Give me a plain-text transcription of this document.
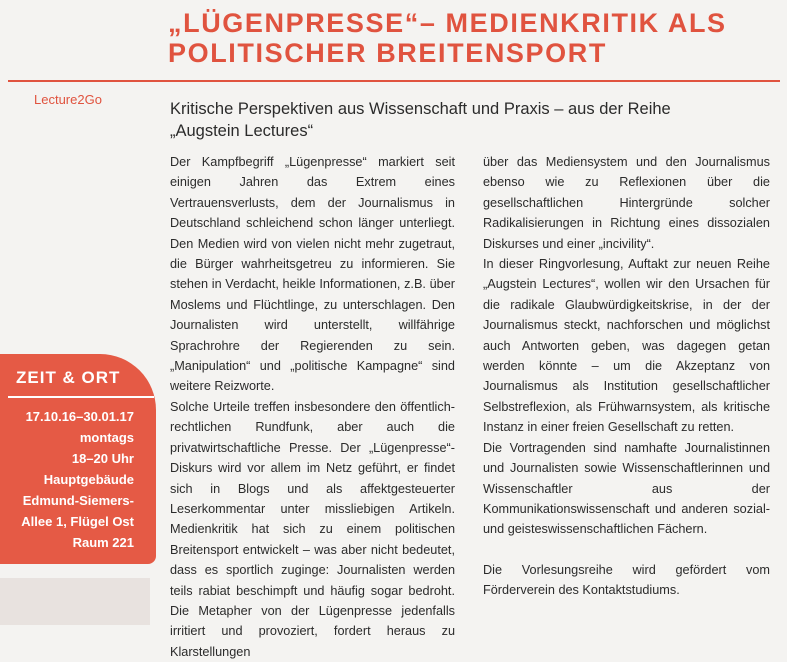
„LÜGENPRESSE“– MEDIENKRITIK ALS
POLITISCHER BREITENSPORT
Lecture2Go
Kritische Perspektiven aus Wissenschaft und Praxis – aus der Reihe
„Augstein Lectures“

Der Kampfbegriff „Lügenpresse“ markiert seit einigen Jahren das Extrem eines Vertrauensverlusts, dem der Journalismus in Deutschland schleichend schon länger unterliegt. Den Medien wird von vielen nicht mehr zugetraut, die Bürger wahrheitsgetreu zu informieren. Sie stehen in Verdacht, heikle Informationen, z.B. über Moslems und Flüchtlinge, zu unterschlagen. Den Journalisten wird unterstellt, willfährige Sprachrohre der Regierenden zu sein. „Manipulation“ und „politische Kampagne“ sind weitere Reizworte.

Solche Urteile treffen insbesondere den öffentlich-rechtlichen Rundfunk, aber auch die privatwirtschaftliche Presse. Der „Lügenpresse“-Diskurs wird vor allem im Netz geführt, er findet sich in Blogs und als affektgesteuerter Leserkommentar unter missliebigen Artikeln. Medienkritik hat sich zu einem politischen Breitensport entwickelt – was aber nicht bedeutet, dass es sportlich zuginge: Journalisten werden teils rabiat beschimpft und häufig sogar bedroht. Die Metapher von der Lügenpresse jedenfalls irritiert und provoziert, fordert heraus zu Klarstellungen

über das Mediensystem und den Journalismus ebenso wie zu Reflexionen über die gesellschaftlichen Hintergründe solcher Radikalisierungen in Richtung eines dissozialen Diskurses und einer „incivility“.

In dieser Ringvorlesung, Auftakt zur neuen Reihe „Augstein Lectures“, wollen wir den Ursachen für die radikale Glaubwürdigkeitskrise, in der der Journalismus steckt, nachforschen und möglichst auch Antworten geben, was dagegen getan werden könnte – um die Akzeptanz von Journalismus als Institution gesellschaftlicher Selbstreflexion, als Frühwarnsystem, als kritische Instanz in einer freien Gesellschaft zu retten.

Die Vortragenden sind namhafte Journalistinnen und Journalisten sowie Wissenschaftlerinnen und Wissenschaftler aus der Kommunikationswissenschaft und anderen sozial- und geisteswissenschaftlichen Fächern.

Die Vorlesungsreihe wird gefördert vom Förderverein des Kontaktstudiums.

ZEIT & ORT
17.10.16–30.01.17
montags
18–20 Uhr
Hauptgebäude
Edmund-Siemers-
Allee 1, Flügel Ost
Raum 221
